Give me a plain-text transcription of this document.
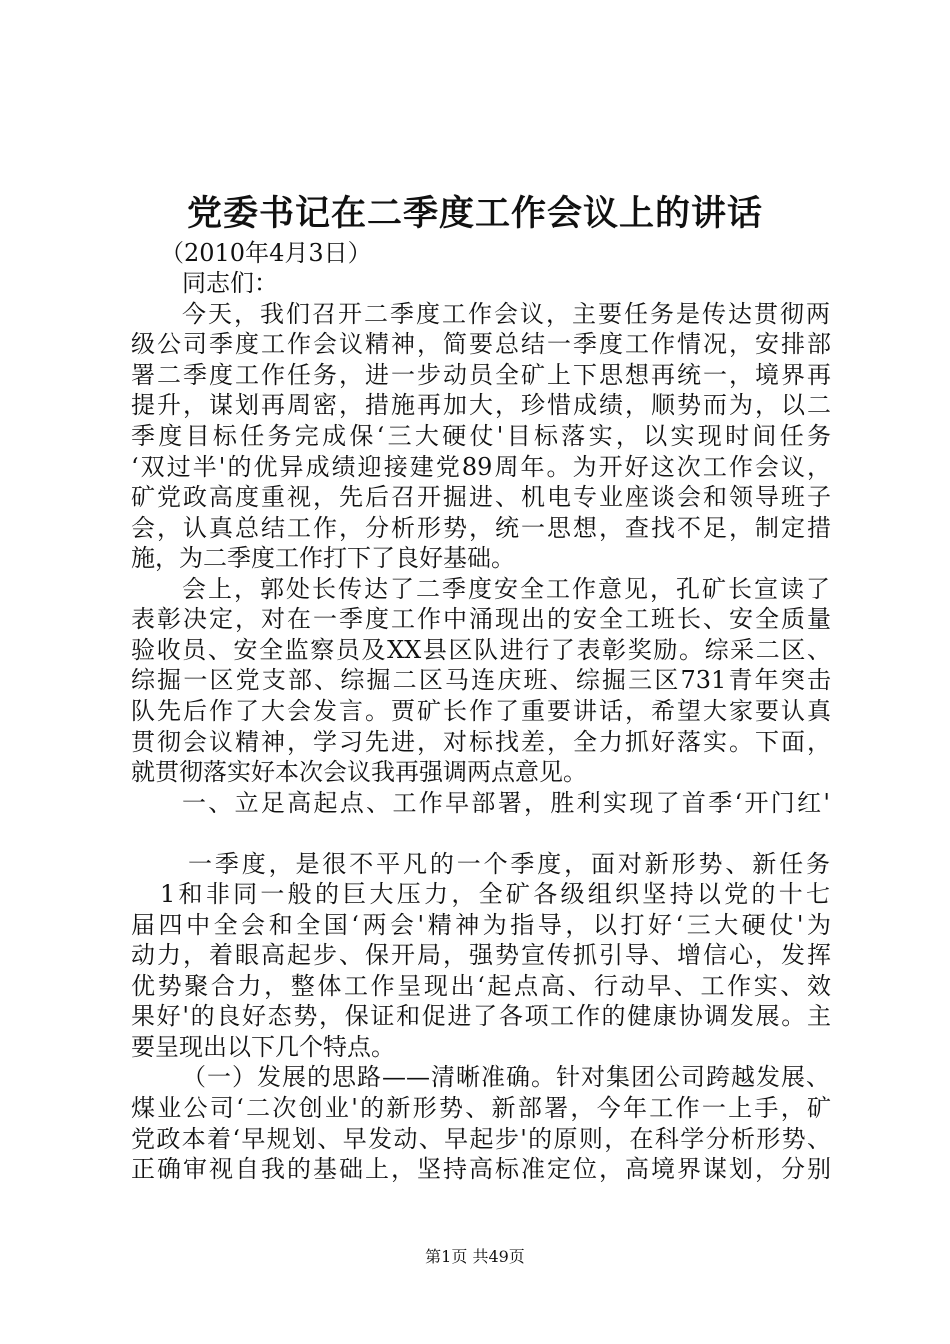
党委书记在二季度工作会议上的讲话
（2010年4月3日）
同志们：
今天，我们召开二季度工作会议，主要任务是传达贯彻两
级公司季度工作会议精神，简要总结一季度工作情况，安排部
署二季度工作任务，进一步动员全矿上下思想再统一，境界再
提升，谋划再周密，措施再加大，珍惜成绩，顺势而为，以二
季度目标任务完成保‘三大硬仗'目标落实，以实现时间任务
‘双过半'的优异成绩迎接建党89周年。为开好这次工作会议，
矿党政高度重视，先后召开掘进、机电专业座谈会和领导班子
会，认真总结工作，分析形势，统一思想，查找不足，制定措
施，为二季度工作打下了良好基础。
会上，郭处长传达了二季度安全工作意见，孔矿长宣读了
表彰决定，对在一季度工作中涌现出的安全工班长、安全质量
验收员、安全监察员及XX县区队进行了表彰奖励。综采二区、
综掘一区党支部、综掘二区马连庆班、综掘三区731青年突击
队先后作了大会发言。贾矿长作了重要讲话，希望大家要认真
贯彻会议精神，学习先进，对标找差，全力抓好落实。下面，
就贯彻落实好本次会议我再强调两点意见。
一、立足高起点、工作早部署，胜利实现了首季‘开门红'
一季度，是很不平凡的一个季度，面对新形势、新任务
1和非同一般的巨大压力，全矿各级组织坚持以党的十七
届四中全会和全国‘两会'精神为指导，以打好‘三大硬仗'为
动力，着眼高起步、保开局，强势宣传抓引导、增信心，发挥
优势聚合力，整体工作呈现出‘起点高、行动早、工作实、效
果好'的良好态势，保证和促进了各项工作的健康协调发展。主
要呈现出以下几个特点。
（一）发展的思路——清晰准确。针对集团公司跨越发展、
煤业公司‘二次创业'的新形势、新部署，今年工作一上手，矿
党政本着‘早规划、早发动、早起步'的原则，在科学分析形势、
正确审视自我的基础上，坚持高标准定位，高境界谋划，分别
第1页 共49页
